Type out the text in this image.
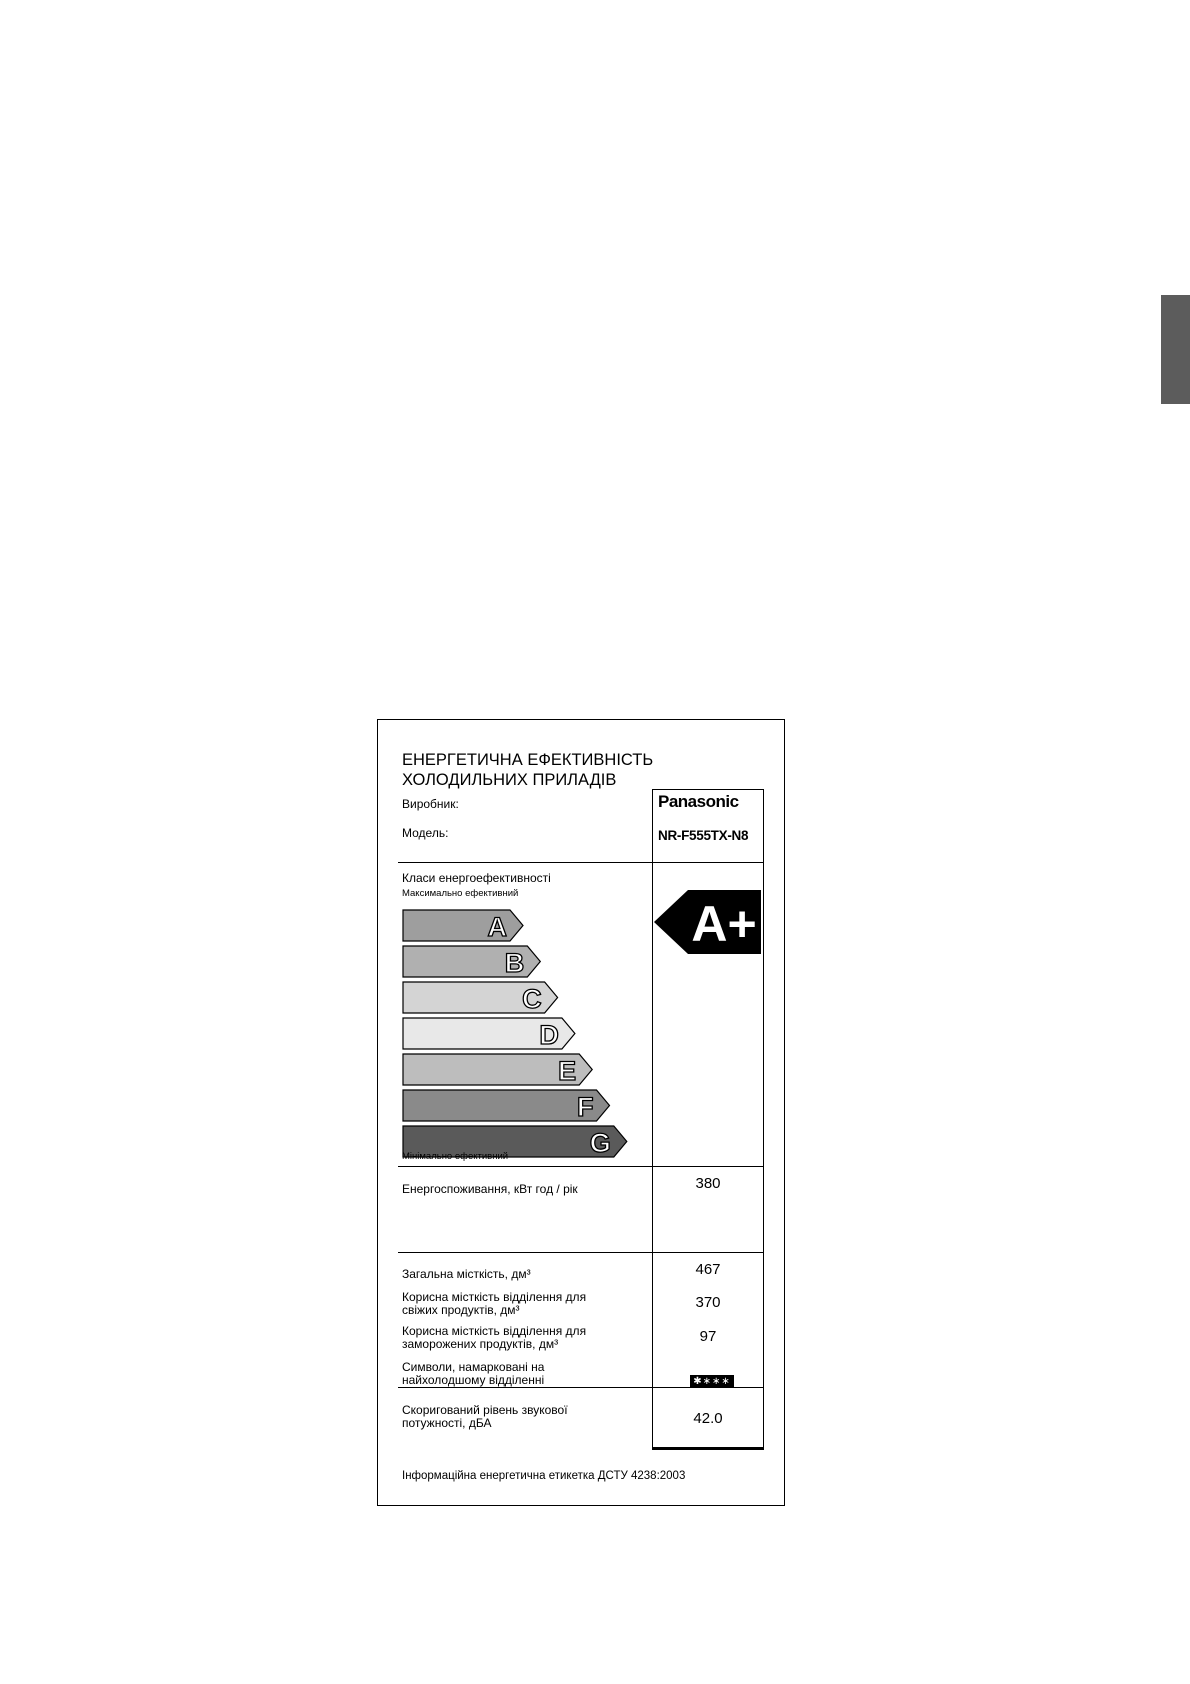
ЕНЕРГЕТИЧНА ЕФЕКТИВНІСТЬ
ХОЛОДИЛЬНИХ ПРИЛАДІВ
Виробник:	Panasonic
Модель:	NR-F555TX-N8
Класи енергоефективності
Максимально ефективний
A
B
C
D
E
F
G
A+
Мінімально ефективний
Енергоспоживання, кВт год / рік	380
Загальна місткість, дм³	467
Корисна місткість відділення для
свіжих продуктів, дм³	370
Корисна місткість відділення для
заморожених продуктів, дм³	97
Символи, намарковані на
найхолодшому відділенні	✱∗∗∗
Скоригований рівень звукової
потужності, дБА	42.0
Інформаційна енергетична етикетка ДСТУ 4238:2003
